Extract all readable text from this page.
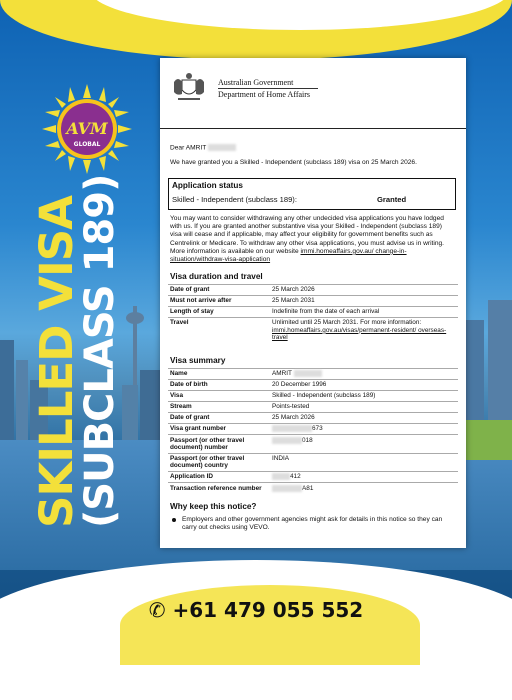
AVM
GLOBAL
SKILLED VISA
(SUBCLASS 189)
Australian Government
Department of Home Affairs
Dear AMRIT
We have granted you a Skilled - Independent (subclass 189) visa on 25 March 2026.
Application status
Skilled - Independent (subclass 189):	Granted
You may want to consider withdrawing any other undecided visa applications you have lodged with us. If you are granted another substantive visa your Skilled - Independent (subclass 189) visa will cease and if applicable, may affect your eligibility for government benefits such as Centrelink or Medicare. To withdraw any other visa applications, you must advise us in writing. More information is available on our website immi.homeaffairs.gov.au/ change-in-situation/withdraw-visa-application
Visa duration and travel
Date of grant	25 March 2026
Must not arrive after	25 March 2031
Length of stay	Indefinite from the date of each arrival
Travel	Unlimited until 25 March 2031. For more information: immi.homeaffairs.gov.au/visas/permanent-resident/ overseas-travel
Visa summary
Name	AMRIT
Date of birth	20 December 1996
Visa	Skilled - Independent (subclass 189)
Stream	Points-tested
Date of grant	25 March 2026
Visa grant number	673
Passport (or other travel document) number	018
Passport (or other travel document) country	INDIA
Application ID	412
Transaction reference number	A81
Why keep this notice?
Employers and other government agencies might ask for details in this notice so they can carry out checks using VEVO.
✆ +61 479 055 552
